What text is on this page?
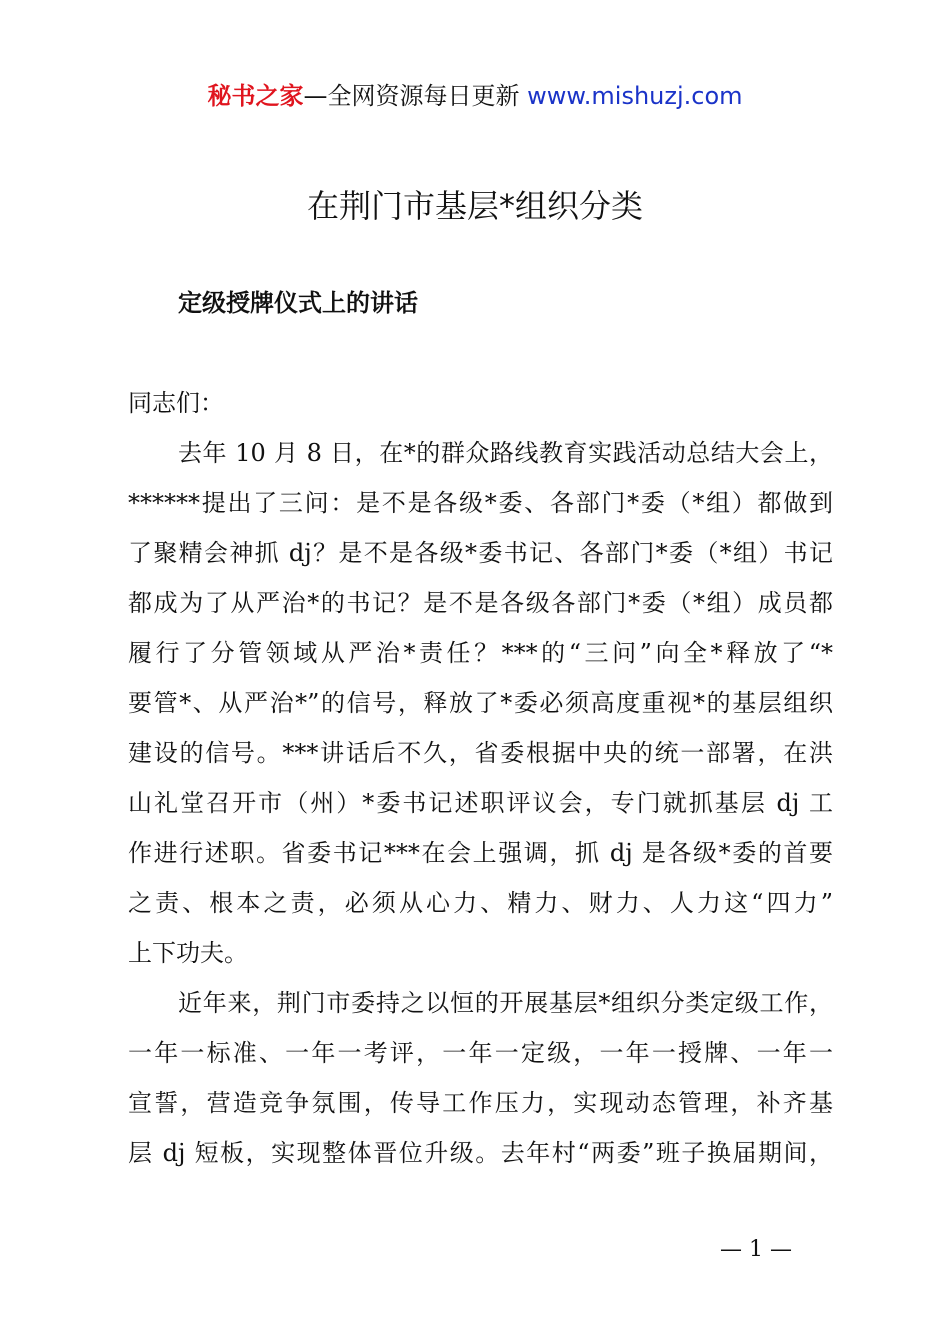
秘书之家—全网资源每日更新 www.mishuzj.com
在荆门市基层*组织分类
定级授牌仪式上的讲话
同志们：
去年 10 月 8 日，在*的群众路线教育实践活动总结大会上，
******提出了三问：是不是各级*委、各部门*委（*组）都做到
了聚精会神抓 dj？是不是各级*委书记、各部门*委（*组）书记
都成为了从严治*的书记？是不是各级各部门*委（*组）成员都
履行了分管领域从严治*责任？***的“三问”向全*释放了“*
要管*、从严治*”的信号，释放了*委必须高度重视*的基层组织
建设的信号。***讲话后不久，省委根据中央的统一部署，在洪
山礼堂召开市（州）*委书记述职评议会，专门就抓基层 dj 工
作进行述职。省委书记***在会上强调，抓 dj 是各级*委的首要
之责、根本之责，必须从心力、精力、财力、人力这“四力”
上下功夫。
近年来，荆门市委持之以恒的开展基层*组织分类定级工作，
一年一标准、一年一考评，一年一定级，一年一授牌、一年一
宣誓，营造竞争氛围，传导工作压力，实现动态管理，补齐基
层 dj 短板，实现整体晋位升级。去年村“两委”班子换届期间，
— 1 —
